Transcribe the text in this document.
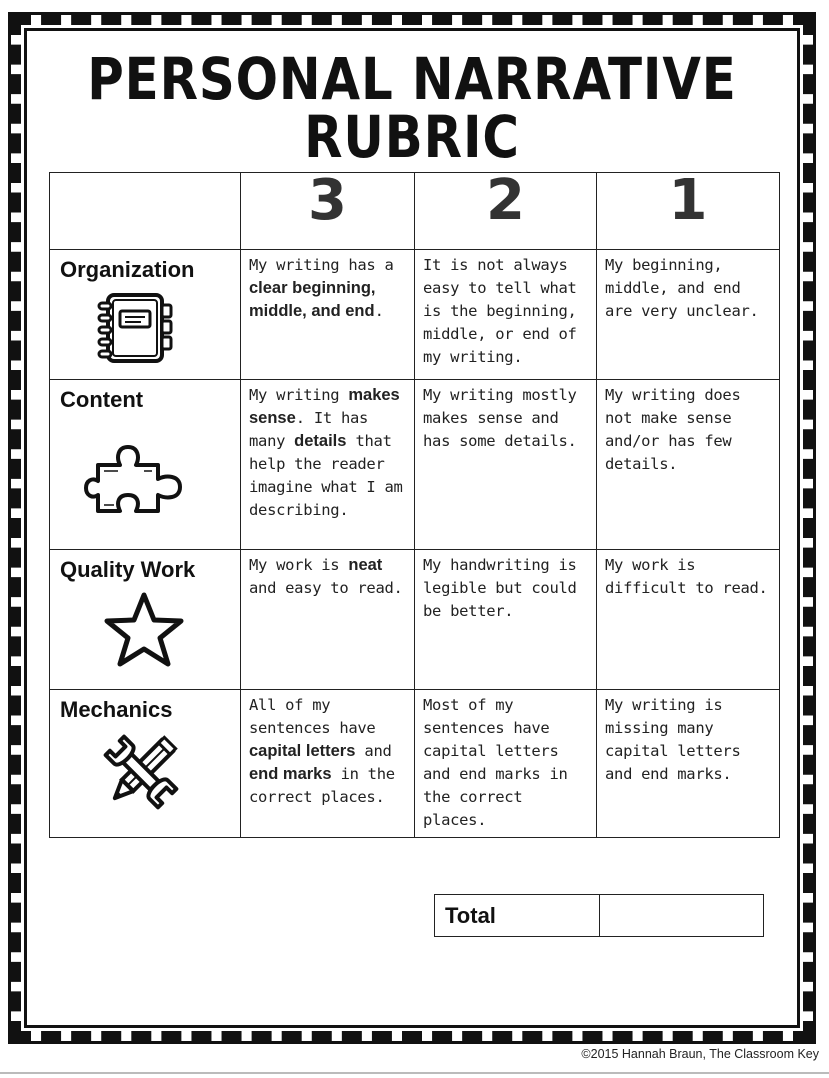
PERSONAL NARRATIVE RUBRIC
	3	2	1

Organization	My writing has a clear beginning, middle, and end.	It is not always easy to tell what is the beginning, middle, or end of my writing.	My beginning, middle, and end are very unclear.

Content	My writing makes sense. It has many details that help the reader imagine what I am describing.	My writing mostly makes sense and has some details.	My writing does not make sense and/or has few details.

Quality Work	My work is neat and easy to read.	My handwriting is legible but could be better.	My work is difficult to read.

Mechanics	All of my sentences have capital letters and end marks in the correct places.	Most of my sentences have capital letters and end marks in the correct places.	My writing is missing many capital letters and end marks.
Total	
©2015 Hannah Braun, The Classroom Key
